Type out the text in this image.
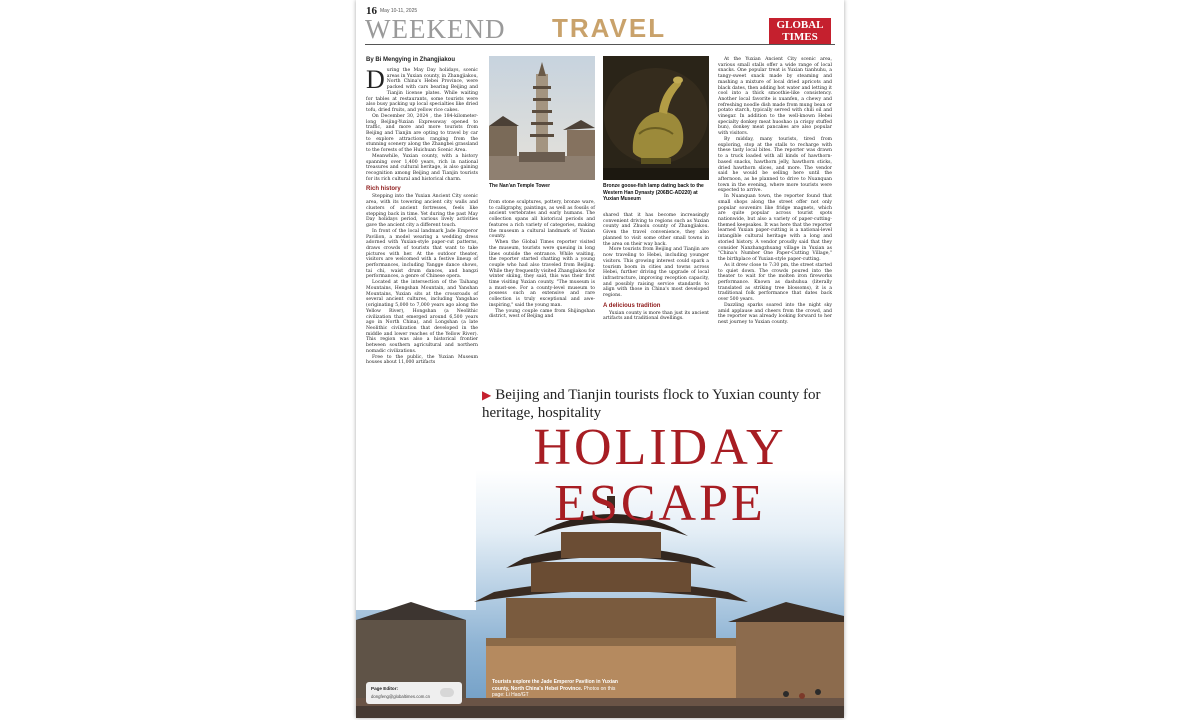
16 May 10-11, 2025
WEEKEND TRAVEL	GLOBAL
TIMES
By Bi Mengying in Zhangjiakou

During the May Day holidays, scenic areas in Yuxian county, in Zhangjiakou, North China's Hebei Province, were packed with cars bearing Beijing and Tianjin license plates. While waiting for tables at restaurants, some tourists were also busy packing up local specialties like dried tofu, dried fruits, and yellow rice cakes.

On December 30, 2024 , the 184-kilometer-long Beijing-Yuxian Expressway opened to traffic, and more and more tourists from Beijing and Tianjin are opting to travel by car to explore attractions ranging from the stunning scenery along the Zhangbei grassland to the forests of the Huichuan Scenic Area.

Meanwhile, Yuxian county, with a history spanning over 1,400 years, rich in national treasures and cultural heritage, is also gaining recognition among Beijing and Tianjin tourists for its rich cultural and historical charm.

Rich history

Stepping into the Yuxian Ancient City scenic area, with its towering ancient city walls and clusters of ancient fortresses, feels like stepping back in time. Yet during the past May Day holidays period, various lively activities gave the ancient city a different touch.

In front of the local landmark Jade Emperor Pavilion, a model wearing a wedding dress adorned with Yuxian-style paper-cut patterns, draws crowds of tourists that want to take pictures with her. At the outdoor theater, visitors are welcomed with a festive lineup of performances, including Yangge dance shows, tai chi, waist drum dances, and bangzi performances, a genre of Chinese opera.

Located at the intersection of the Taihang Mountains, Hengshan Mountain, and Yanshan Mountains, Yuxian sits at the crossroads of several ancient cultures, including Yangshao (originating 5,000 to 7,000 years ago along the Yellow River), Hongshan (a Neolithic civilization that emerged around 6,500 years ago in North China), and Longshan (a late Neolithic civilization that developed in the middle and lower reaches of the Yellow River). This region was also a historical frontier between southern agricultural and northern nomadic civilizations.

Free to the public, the Yuxian Museum houses about 11,000 artifacts

The Nan'an Temple Tower	Bronze goose-fish lamp dating back to the Western Han Dynasty (206BC-AD220) at Yuxian Museum

from stone sculptures, pottery, bronze ware, to calligraphy, paintings, as well as fossils of ancient vertebrates and early humans. The collection spans all historical periods and features a rich variety of categories, making the museum a cultural landmark of Yuxian county.

When the Global Times reporter visited the museum, tourists were queuing in long lines outside the entrance. While waiting, the reporter started chatting with a young couple who had also traveled from Beijing. While they frequently visited Zhangjiakou for winter skiing, they said, this was their first time visiting Yuxian county. "The museum is a must-see. For a county-level museum to possess such an extensive and rare collection is truly exceptional and awe-inspiring," said the young man.

The young couple came from Shijingshan district, west of Beijing and

shared that it has become increasingly convenient driving to regions such as Yuxian county and Zhuolu county of Zhangjiakou. Given the travel convenience, they also planned to visit some other small towns in the area on their way back.

More tourists from Beijing and Tianjin are now traveling to Hebei, including younger visitors. This growing interest could spark a tourism boom in cities and towns across Hebei, further driving the upgrade of local infrastructure, improving reception capacity, and possibly raising service standards to align with those in China's most developed regions.

A delicious tradition

Yuxian county is more than just its ancient artifacts and traditional dwellings.

At the Yuxian Ancient City scenic area, various small stalls offer a wide range of local snacks. One popular treat is Yuxian tianhuhu, a tangy-sweet snack made by steaming and mashing a mixture of local dried apricots and black dates, then adding hot water and letting it cool into a thick smoothie-like consistency. Another local favorite is xuanfen, a chewy and refreshing noodle dish made from mung bean or potato starch, typically served with chili oil and vinegar. In addition to the well-known Hebei specialty donkey meat huoshao (a crispy stuffed bun), donkey meat pancakes are also popular with visitors.

By midday, many tourists, tired from exploring, stop at the stalls to recharge with these tasty local bites. The reporter was drawn to a truck loaded with all kinds of hawthorn-based snacks, hawthorn jelly, hawthorn sticks, dried hawthorn slices, and more. The vendor said he would be selling here until the afternoon, as he planned to drive to Nuanquan town in the evening, where more tourists were expected to arrive.

In Nuanquan town, the reporter found that small shops along the street offer not only popular souvenirs like fridge magnets, which are quite popular across tourist spots nationwide, but also a variety of paper-cutting-themed keepsakes. It was here that the reporter learned Yuxian paper-cutting is a national-level intangible cultural heritage with a long and storied history. A vendor proudly said that they consider Nanzhangzhuang village in Yuxian as "China's Number One Paper-Cutting Village," the birthplace of Yuxian-style paper-cutting.

As it drew close to 7:30 pm, the street started to quiet down. The crowds poured into the theater to wait for the molten iron fireworks performance. Known as dashuhua (literally translated as striking tree blossoms), it is a traditional folk performance that dates back over 500 years.

Dazzling sparks soared into the night sky amid applause and cheers from the crowd, and the reporter was already looking forward to her next journey to Yuxian county.

▶ Beijing and Tianjin tourists flock to Yuxian county for heritage, hospitality
HOLIDAY
ESCAPE
Page Editor:
dongfeng@globaltimes.com.cn
Tourists explore the Jade Emperor Pavilion in Yuxian county, North China's Hebei Province. Photos on this page: Li Hao/GT
